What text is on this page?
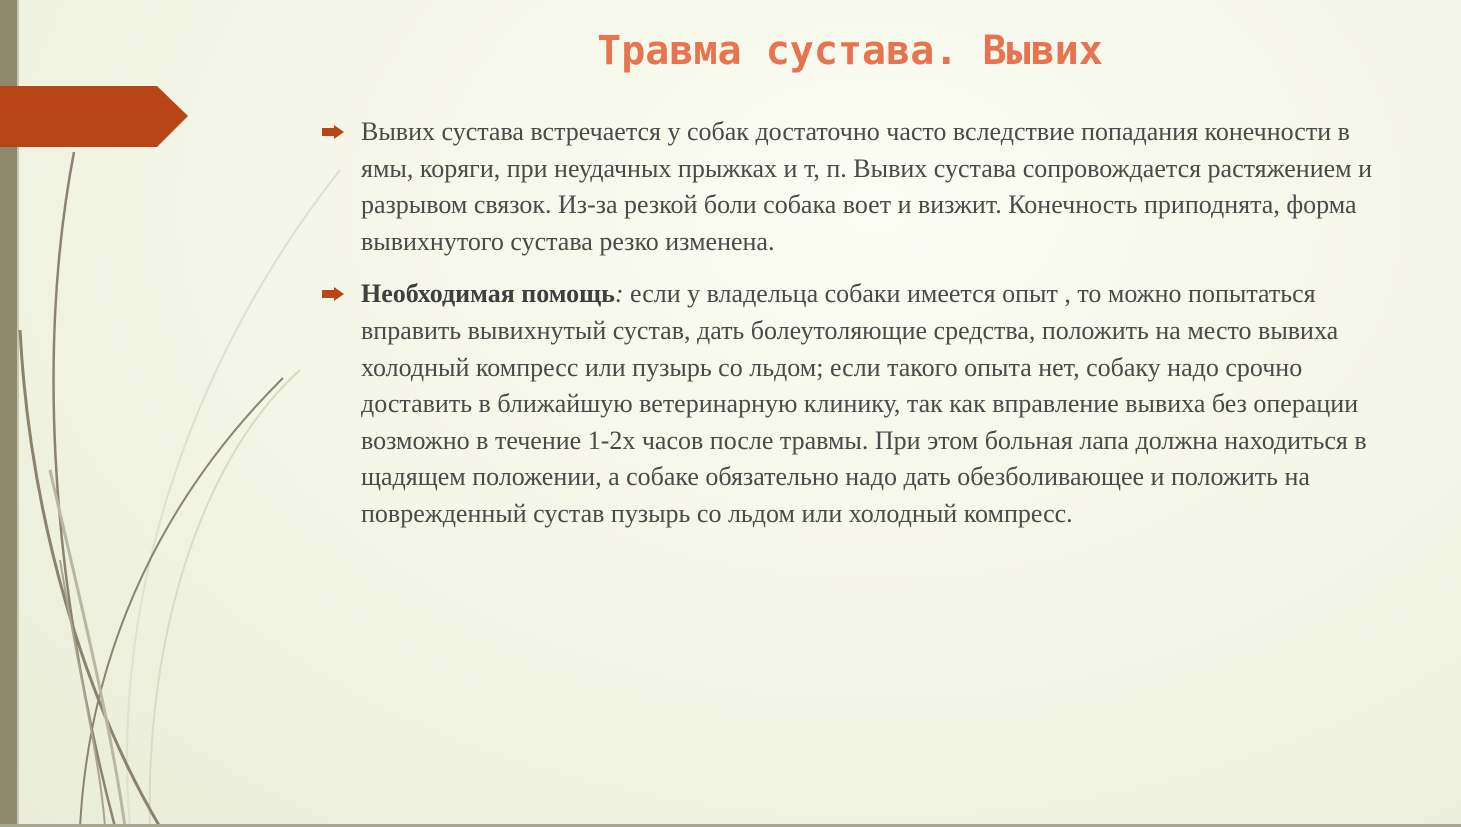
Травма сустава. Вывих

Вывих сустава встречается у собак достаточно часто вследствие попадания конечности в ямы, коряги, при неудачных прыжках и т, п. Вывих сустава сопровождается растяжением и разрывом связок. Из-за резкой боли собака воет и визжит. Конечность приподнята, форма вывихнутого сустава резко изменена.

Необходимая помощь: если у владельца собаки имеется опыт , то можно попытаться вправить вывихнутый сустав, дать болеутоляющие средства, положить на место вывиха холодный компресс или пузырь со льдом; если такого опыта нет, собаку надо срочно доставить в ближайшую ветеринарную клинику, так как вправление вывиха без операции возможно в течение 1-2х часов после травмы. При этом больная лапа должна находиться в щадящем положении, а собаке обязательно надо дать обезболивающее и положить на поврежденный сустав пузырь со льдом или холодный компресс.
